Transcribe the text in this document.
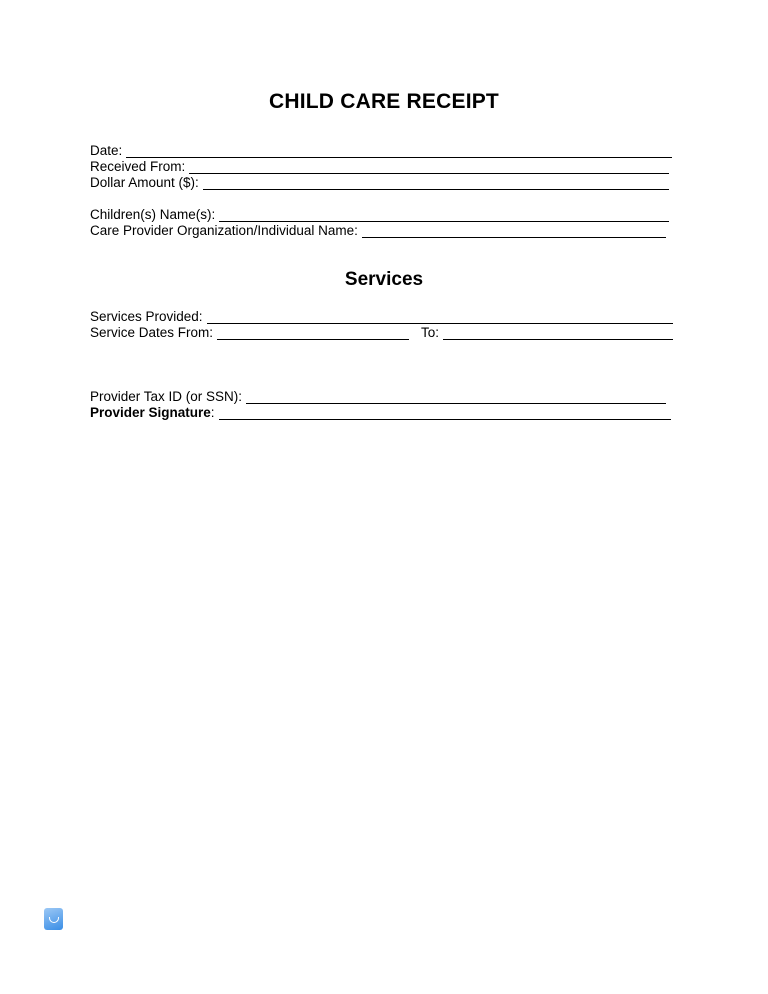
CHILD CARE RECEIPT
Date:
Received From:
Dollar Amount ($):
Children(s) Name(s):
Care Provider Organization/Individual Name:
Services
Services Provided:
Service Dates From:	To:
Provider Tax ID (or SSN):
Provider Signature:
